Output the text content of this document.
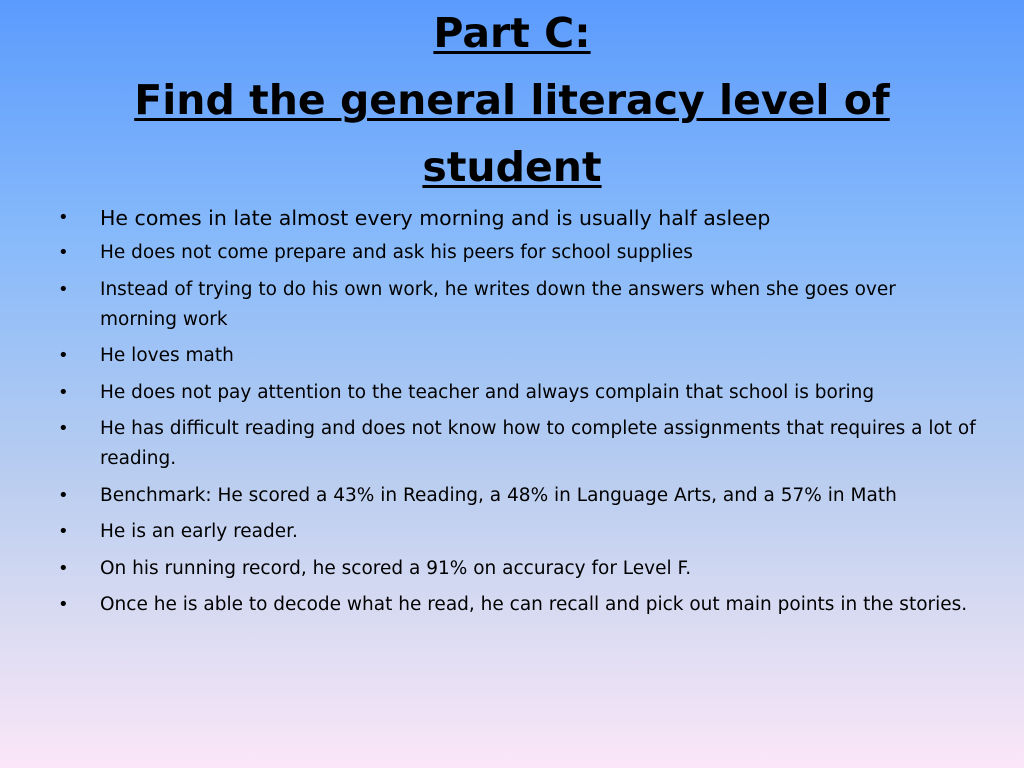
Part C:
Find the general literacy level of
student
• He comes in late almost every morning and is usually half asleep
• He does not come prepare and ask his peers for school supplies
• Instead of trying to do his own work, he writes down the answers when she goes over morning work
• He loves math
• He does not pay attention to the teacher and always complain that school is boring
• He has difficult reading and does not know how to complete assignments that requires a lot of reading.
• Benchmark: He scored a 43% in Reading, a 48% in Language Arts, and a 57% in Math
• He is an early reader.
• On his running record, he scored a 91% on accuracy for Level F.
• Once he is able to decode what he read, he can recall and pick out main points in the stories.
